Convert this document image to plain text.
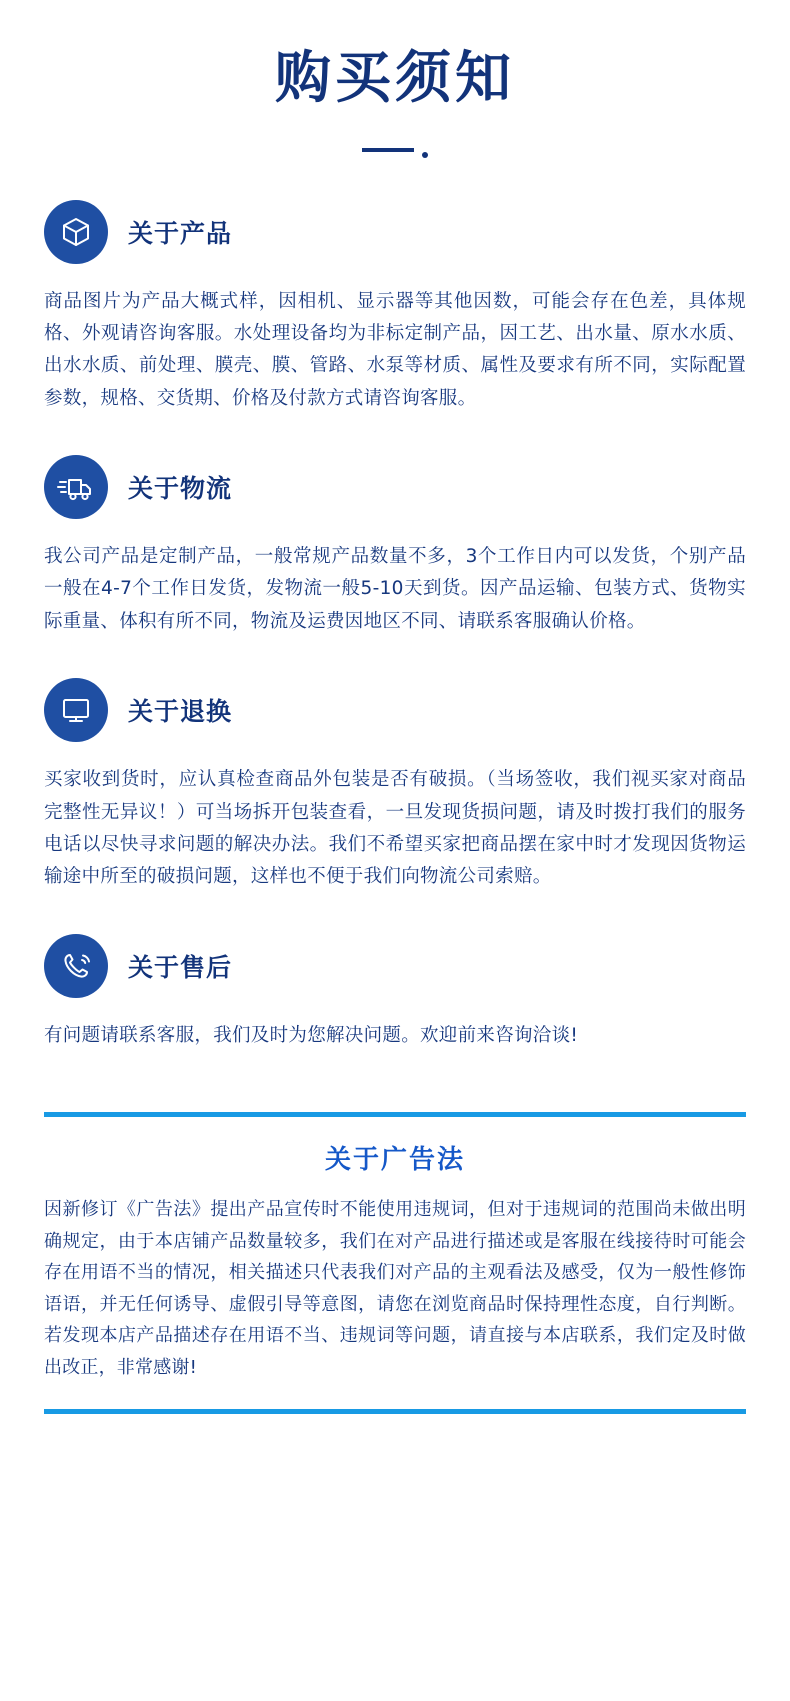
购买须知
关于产品
商品图片为产品大概式样，因相机、显示器等其他因数，可能会存在色差，具体规格、外观请咨询客服。水处理设备均为非标定制产品，因工艺、出水量、原水水质、出水水质、前处理、膜壳、膜、管路、水泵等材质、属性及要求有所不同，实际配置参数，规格、交货期、价格及付款方式请咨询客服。
关于物流
我公司产品是定制产品，一般常规产品数量不多，3个工作日内可以发货，个别产品一般在4-7个工作日发货，发物流一般5-10天到货。因产品运输、包装方式、货物实际重量、体积有所不同，物流及运费因地区不同、请联系客服确认价格。
关于退换
买家收到货时，应认真检查商品外包装是否有破损。（当场签收，我们视买家对商品完整性无异议！）可当场拆开包装查看，一旦发现货损问题，请及时拨打我们的服务电话以尽快寻求问题的解决办法。我们不希望买家把商品摆在家中时才发现因货物运输途中所至的破损问题，这样也不便于我们向物流公司索赔。
关于售后
有问题请联系客服，我们及时为您解决问题。欢迎前来咨询洽谈!
关于广告法
因新修订《广告法》提出产品宣传时不能使用违规词，但对于违规词的范围尚未做出明确规定，由于本店铺产品数量较多，我们在对产品进行描述或是客服在线接待时可能会存在用语不当的情况，相关描述只代表我们对产品的主观看法及感受，仅为一般性修饰语语，并无任何诱导、虚假引导等意图，请您在浏览商品时保持理性态度，自行判断。若发现本店产品描述存在用语不当、违规词等问题，请直接与本店联系，我们定及时做出改正，非常感谢!
